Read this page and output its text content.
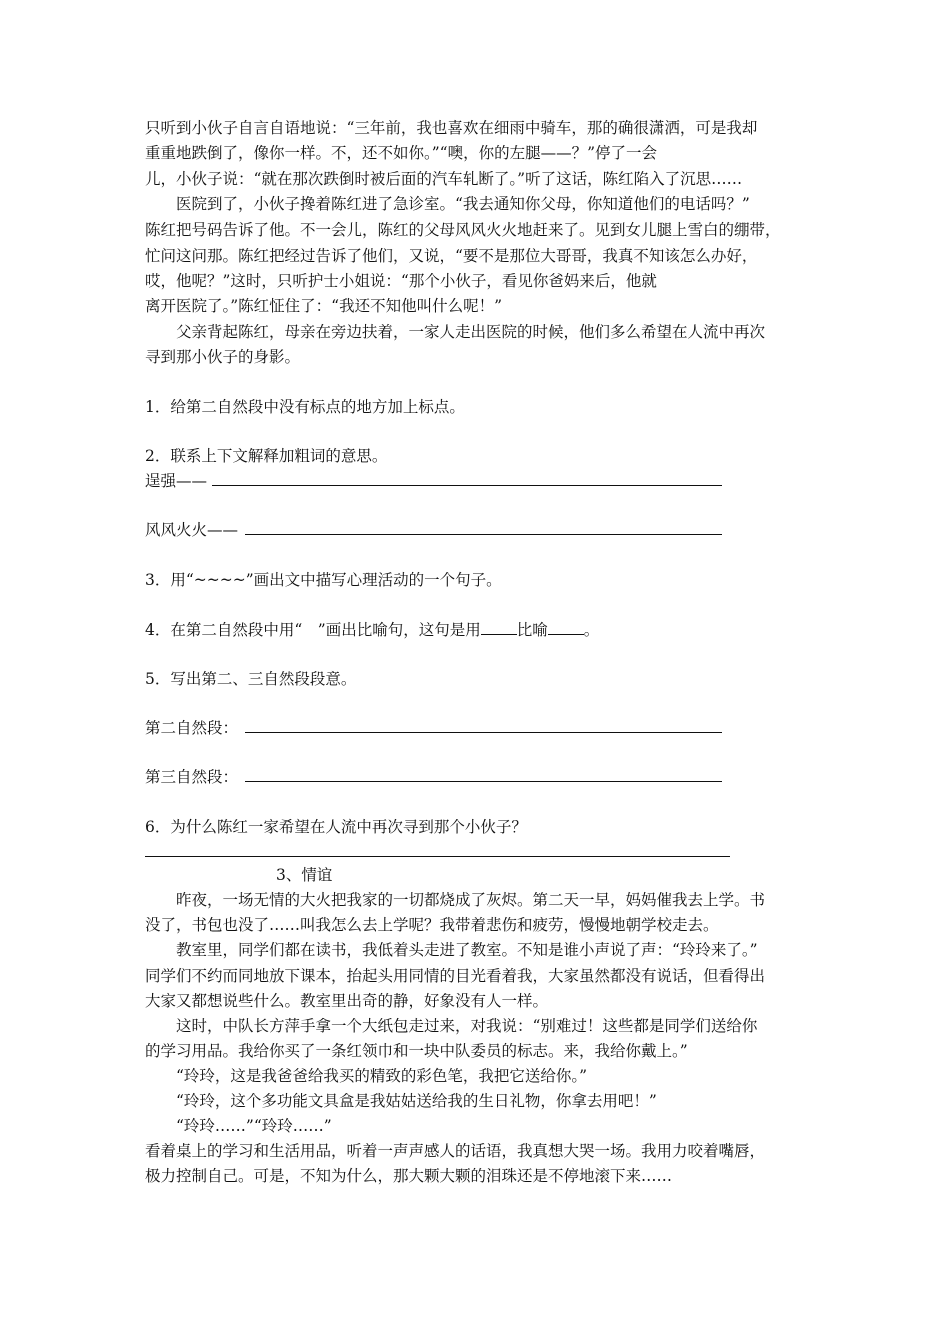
只听到小伙子自言自语地说：“三年前，我也喜欢在细雨中骑车，那的确很潇洒，可是我却
重重地跌倒了，像你一样。不，还不如你。”“噢，你的左腿——？”停了一会
儿，小伙子说：“就在那次跌倒时被后面的汽车轧断了。”听了这话，陈红陷入了沉思……
医院到了，小伙子搀着陈红进了急诊室。“我去通知你父母，你知道他们的电话吗？”
陈红把号码告诉了他。不一会儿，陈红的父母风风火火地赶来了。见到女儿腿上雪白的绷带，
忙问这问那。陈红把经过告诉了他们，又说，“要不是那位大哥哥，我真不知该怎么办好，
哎，他呢？”这时，只听护士小姐说：“那个小伙子，看见你爸妈来后，他就
离开医院了。”陈红怔住了：“我还不知他叫什么呢！”
父亲背起陈红，母亲在旁边扶着，一家人走出医院的时候，他们多么希望在人流中再次
寻到那小伙子的身影。
1．给第二自然段中没有标点的地方加上标点。
2．联系上下文解释加粗词的意思。
逞强——
风风火火——
3．用“~~~~”画出文中描写心理活动的一个句子。
4．在第二自然段中用“　”画出比喻句，这句是用 比喻 。
5．写出第二、三自然段段意。
第二自然段：
第三自然段：
6．为什么陈红一家希望在人流中再次寻到那个小伙子？
3、情谊
昨夜，一场无情的大火把我家的一切都烧成了灰烬。第二天一早，妈妈催我去上学。书
没了，书包也没了……叫我怎么去上学呢？我带着悲伤和疲劳，慢慢地朝学校走去。
教室里，同学们都在读书，我低着头走进了教室。不知是谁小声说了声：“玲玲来了。”
同学们不约而同地放下课本，抬起头用同情的目光看着我，大家虽然都没有说话，但看得出
大家又都想说些什么。教室里出奇的静，好象没有人一样。
这时，中队长方萍手拿一个大纸包走过来，对我说：“别难过！这些都是同学们送给你
的学习用品。我给你买了一条红领巾和一块中队委员的标志。来，我给你戴上。”
“玲玲，这是我爸爸给我买的精致的彩色笔，我把它送给你。”
“玲玲，这个多功能文具盒是我姑姑送给我的生日礼物，你拿去用吧！”
“玲玲……”“玲玲……”
看着桌上的学习和生活用品，听着一声声感人的话语，我真想大哭一场。我用力咬着嘴唇，
极力控制自己。可是，不知为什么，那大颗大颗的泪珠还是不停地滚下来……
